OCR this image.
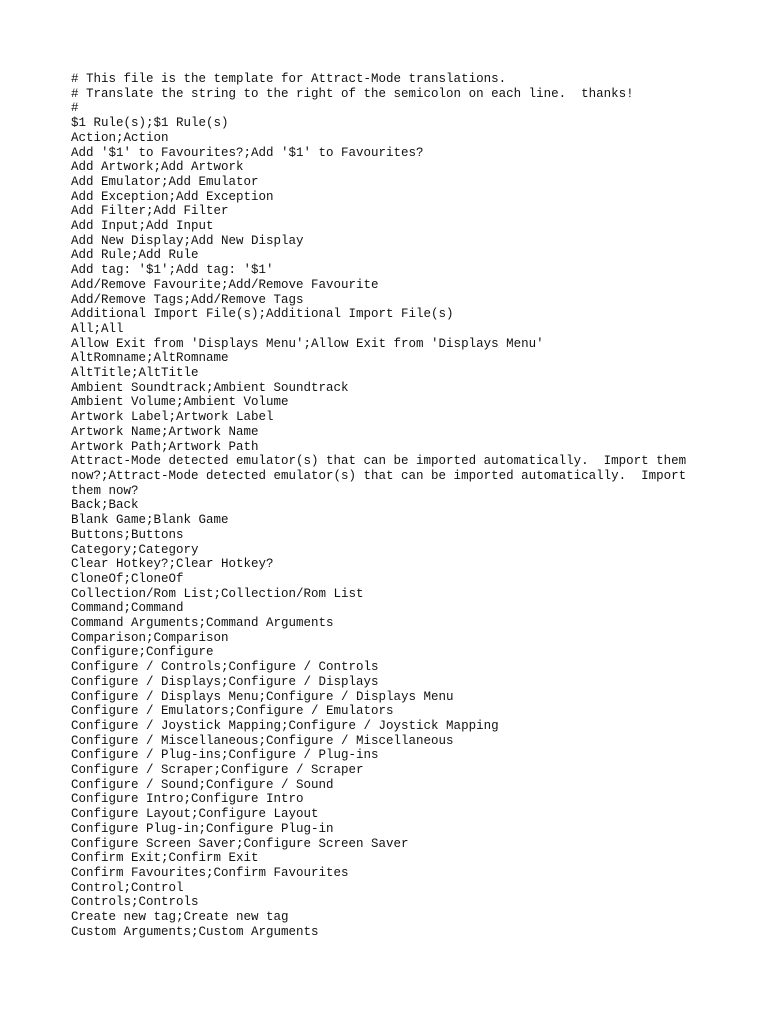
# This file is the template for Attract-Mode translations.
# Translate the string to the right of the semicolon on each line.  thanks!
#
$1 Rule(s);$1 Rule(s)
Action;Action
Add '$1' to Favourites?;Add '$1' to Favourites?
Add Artwork;Add Artwork
Add Emulator;Add Emulator
Add Exception;Add Exception
Add Filter;Add Filter
Add Input;Add Input
Add New Display;Add New Display
Add Rule;Add Rule
Add tag: '$1';Add tag: '$1'
Add/Remove Favourite;Add/Remove Favourite
Add/Remove Tags;Add/Remove Tags
Additional Import File(s);Additional Import File(s)
All;All
Allow Exit from 'Displays Menu';Allow Exit from 'Displays Menu'
AltRomname;AltRomname
AltTitle;AltTitle
Ambient Soundtrack;Ambient Soundtrack
Ambient Volume;Ambient Volume
Artwork Label;Artwork Label
Artwork Name;Artwork Name
Artwork Path;Artwork Path
Attract-Mode detected emulator(s) that can be imported automatically.  Import them now?;Attract-Mode detected emulator(s) that can be imported automatically.  Import them now?
Back;Back
Blank Game;Blank Game
Buttons;Buttons
Category;Category
Clear Hotkey?;Clear Hotkey?
CloneOf;CloneOf
Collection/Rom List;Collection/Rom List
Command;Command
Command Arguments;Command Arguments
Comparison;Comparison
Configure;Configure
Configure / Controls;Configure / Controls
Configure / Displays;Configure / Displays
Configure / Displays Menu;Configure / Displays Menu
Configure / Emulators;Configure / Emulators
Configure / Joystick Mapping;Configure / Joystick Mapping
Configure / Miscellaneous;Configure / Miscellaneous
Configure / Plug-ins;Configure / Plug-ins
Configure / Scraper;Configure / Scraper
Configure / Sound;Configure / Sound
Configure Intro;Configure Intro
Configure Layout;Configure Layout
Configure Plug-in;Configure Plug-in
Configure Screen Saver;Configure Screen Saver
Confirm Exit;Confirm Exit
Confirm Favourites;Confirm Favourites
Control;Control
Controls;Controls
Create new tag;Create new tag
Custom Arguments;Custom Arguments
